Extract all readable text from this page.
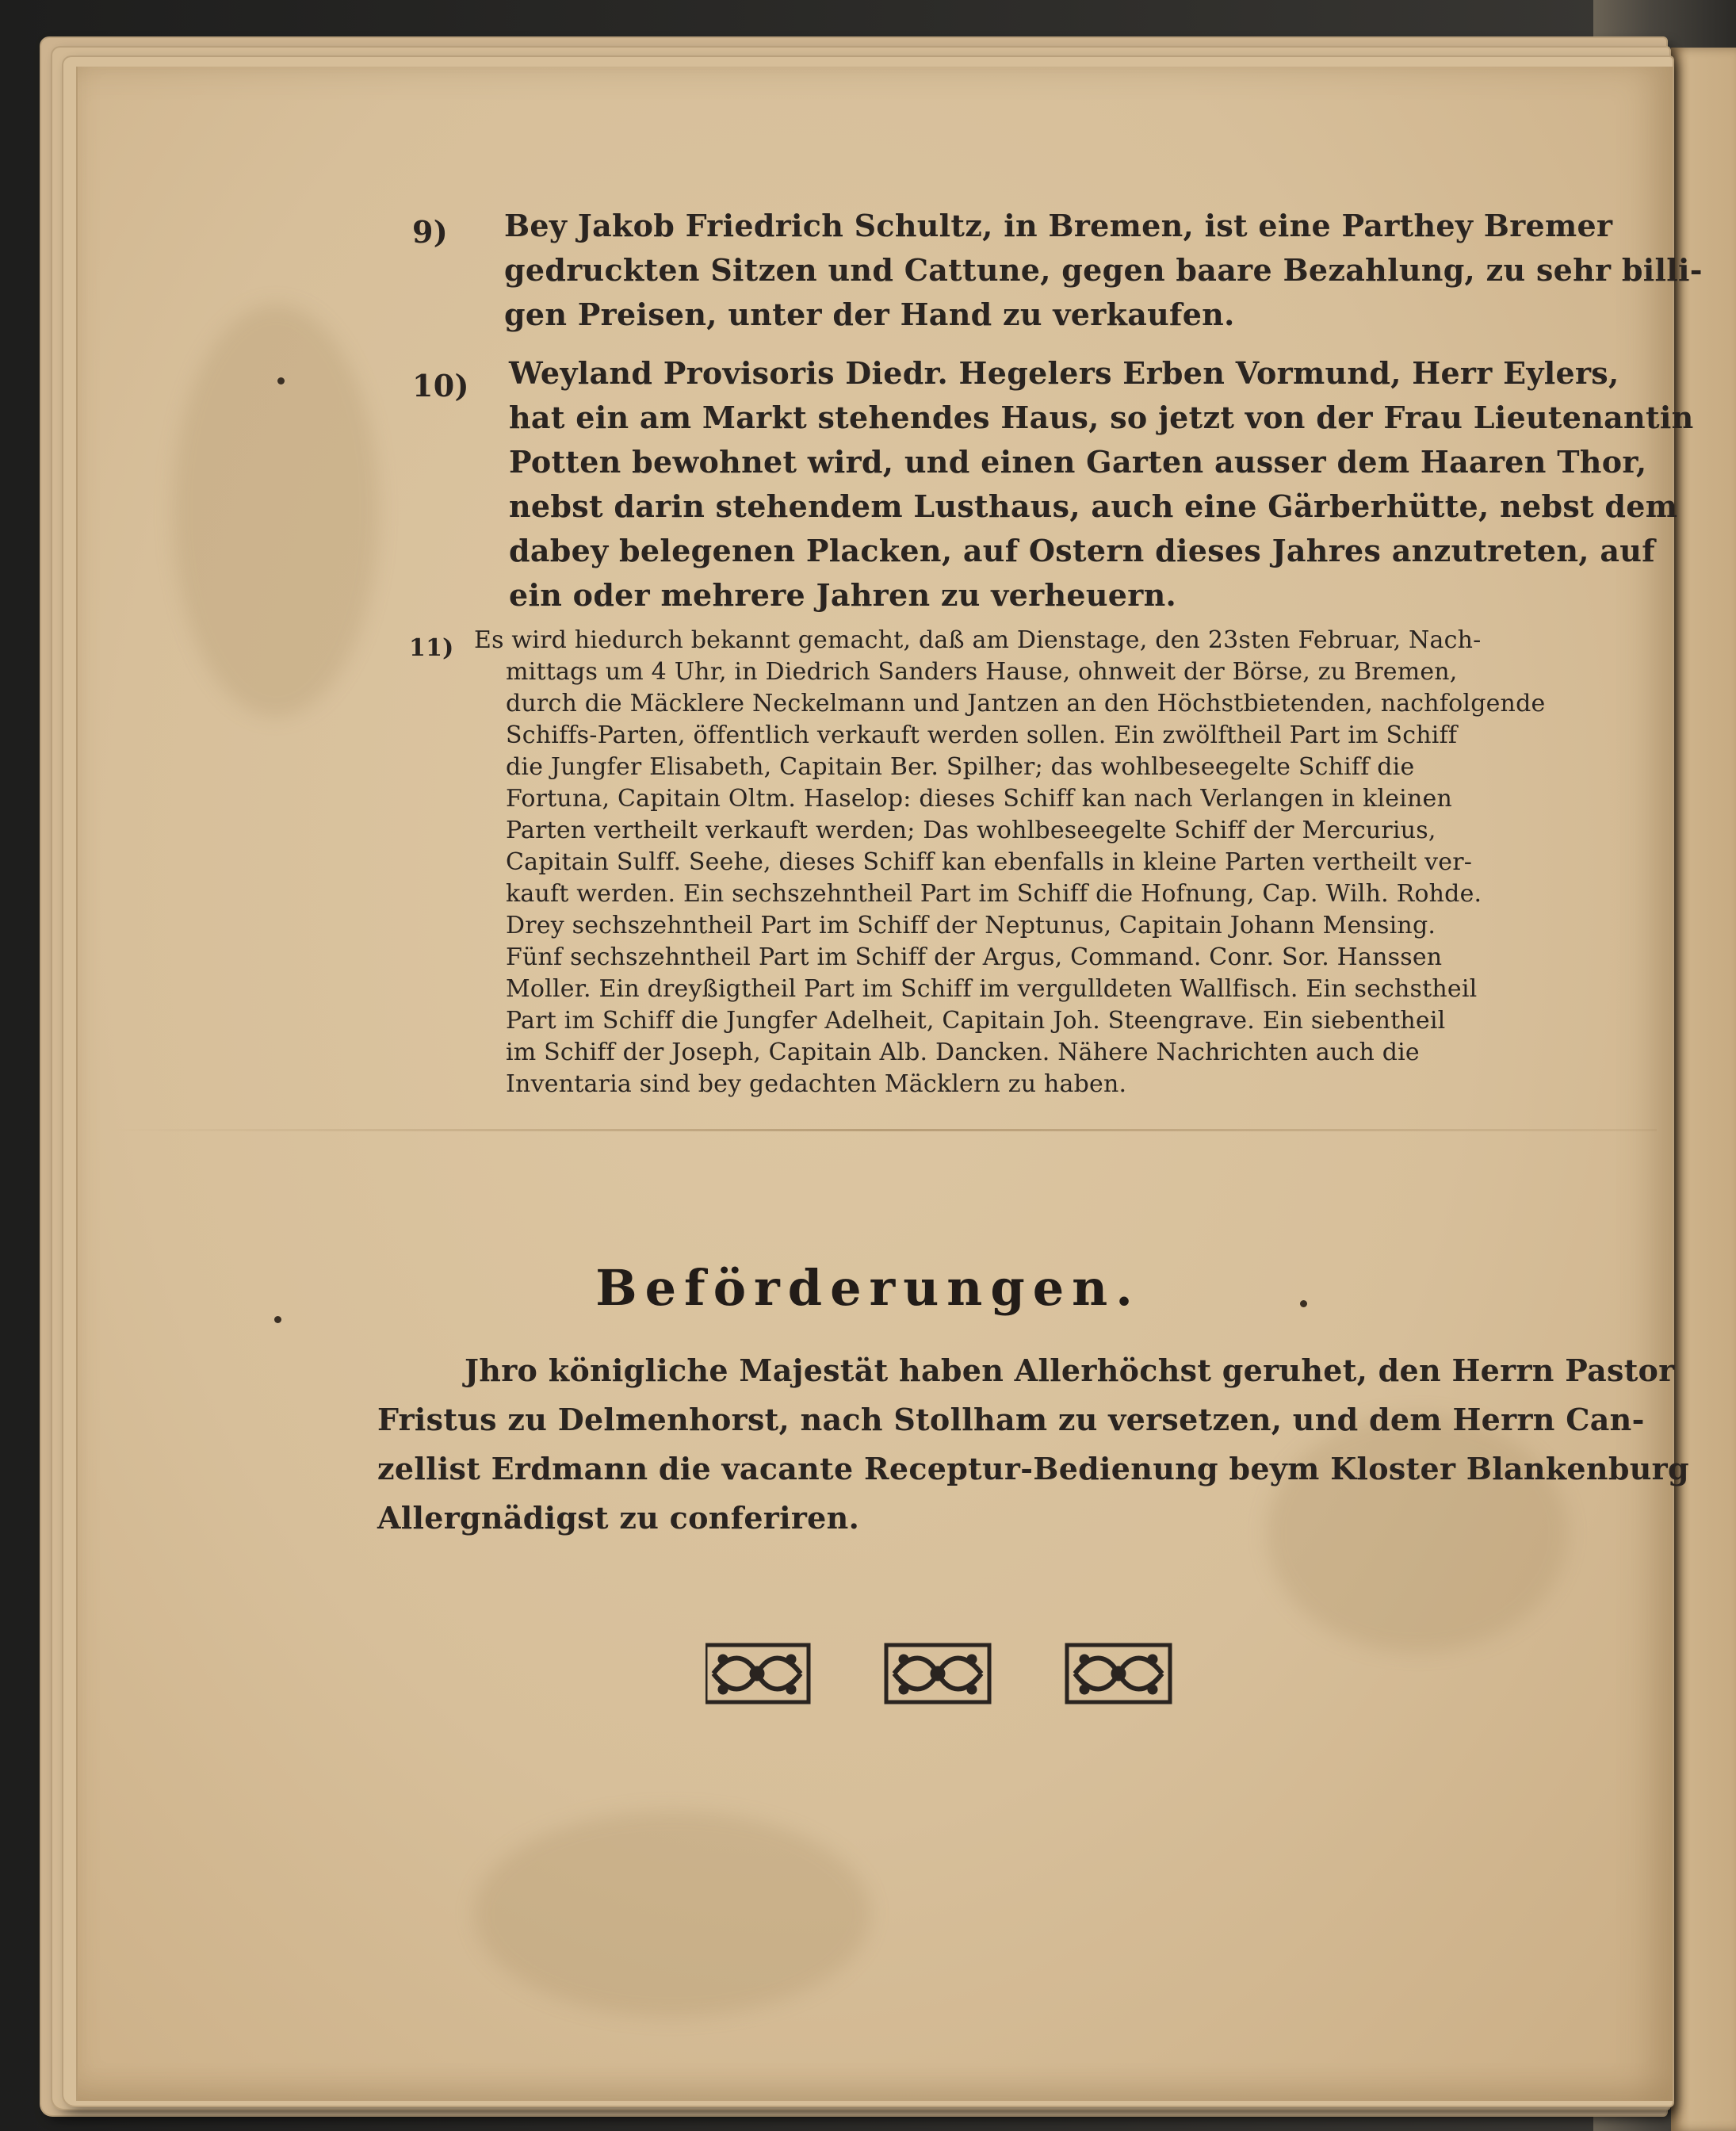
9) Bey Jakob Friedrich Schultz, in Bremen, ist eine Parthey Bremer
gedruckten Sitzen und Cattune, gegen baare Bezahlung, zu sehr billi-
gen Preisen, unter der Hand zu verkaufen.
10) Weyland Provisoris Diedr. Hegelers Erben Vormund, Herr Eylers,
hat ein am Markt stehendes Haus, so jetzt von der Frau Lieutenantin
Potten bewohnet wird, und einen Garten ausser dem Haaren Thor,
nebst darin stehendem Lusthaus, auch eine Gärberhütte, nebst dem
dabey belegenen Placken, auf Ostern dieses Jahres anzutreten, auf
ein oder mehrere Jahren zu verheuern.
11) Es wird hiedurch bekannt gemacht, daß am Dienstage, den 23sten Februar, Nach-
mittags um 4 Uhr, in Diedrich Sanders Hause, ohnweit der Börse, zu Bremen,
durch die Mäcklere Neckelmann und Jantzen an den Höchstbietenden, nachfolgende
Schiffs-Parten, öffentlich verkauft werden sollen. Ein zwölftheil Part im Schiff
die Jungfer Elisabeth, Capitain Ber. Spilher; das wohlbeseegelte Schiff die
Fortuna, Capitain Oltm. Haselop: dieses Schiff kan nach Verlangen in kleinen
Parten vertheilt verkauft werden; Das wohlbeseegelte Schiff der Mercurius,
Capitain Sulff. Seehe, dieses Schiff kan ebenfalls in kleine Parten vertheilt ver-
kauft werden. Ein sechszehntheil Part im Schiff die Hofnung, Cap. Wilh. Rohde.
Drey sechszehntheil Part im Schiff der Neptunus, Capitain Johann Mensing.
Fünf sechszehntheil Part im Schiff der Argus, Command. Conr. Sor. Hanssen
Moller. Ein dreyßigtheil Part im Schiff im vergulldeten Wallfisch. Ein sechstheil
Part im Schiff die Jungfer Adelheit, Capitain Joh. Steengrave. Ein siebentheil
im Schiff der Joseph, Capitain Alb. Dancken. Nähere Nachrichten auch die
Inventaria sind bey gedachten Mäcklern zu haben.
Beförderungen.
Jhro königliche Majestät haben Allerhöchst geruhet, den Herrn Pastor
Fristus zu Delmenhorst, nach Stollham zu versetzen, und dem Herrn Can-
zellist Erdmann die vacante Receptur-Bedienung beym Kloster Blankenburg
Allergnädigst zu conferiren.
